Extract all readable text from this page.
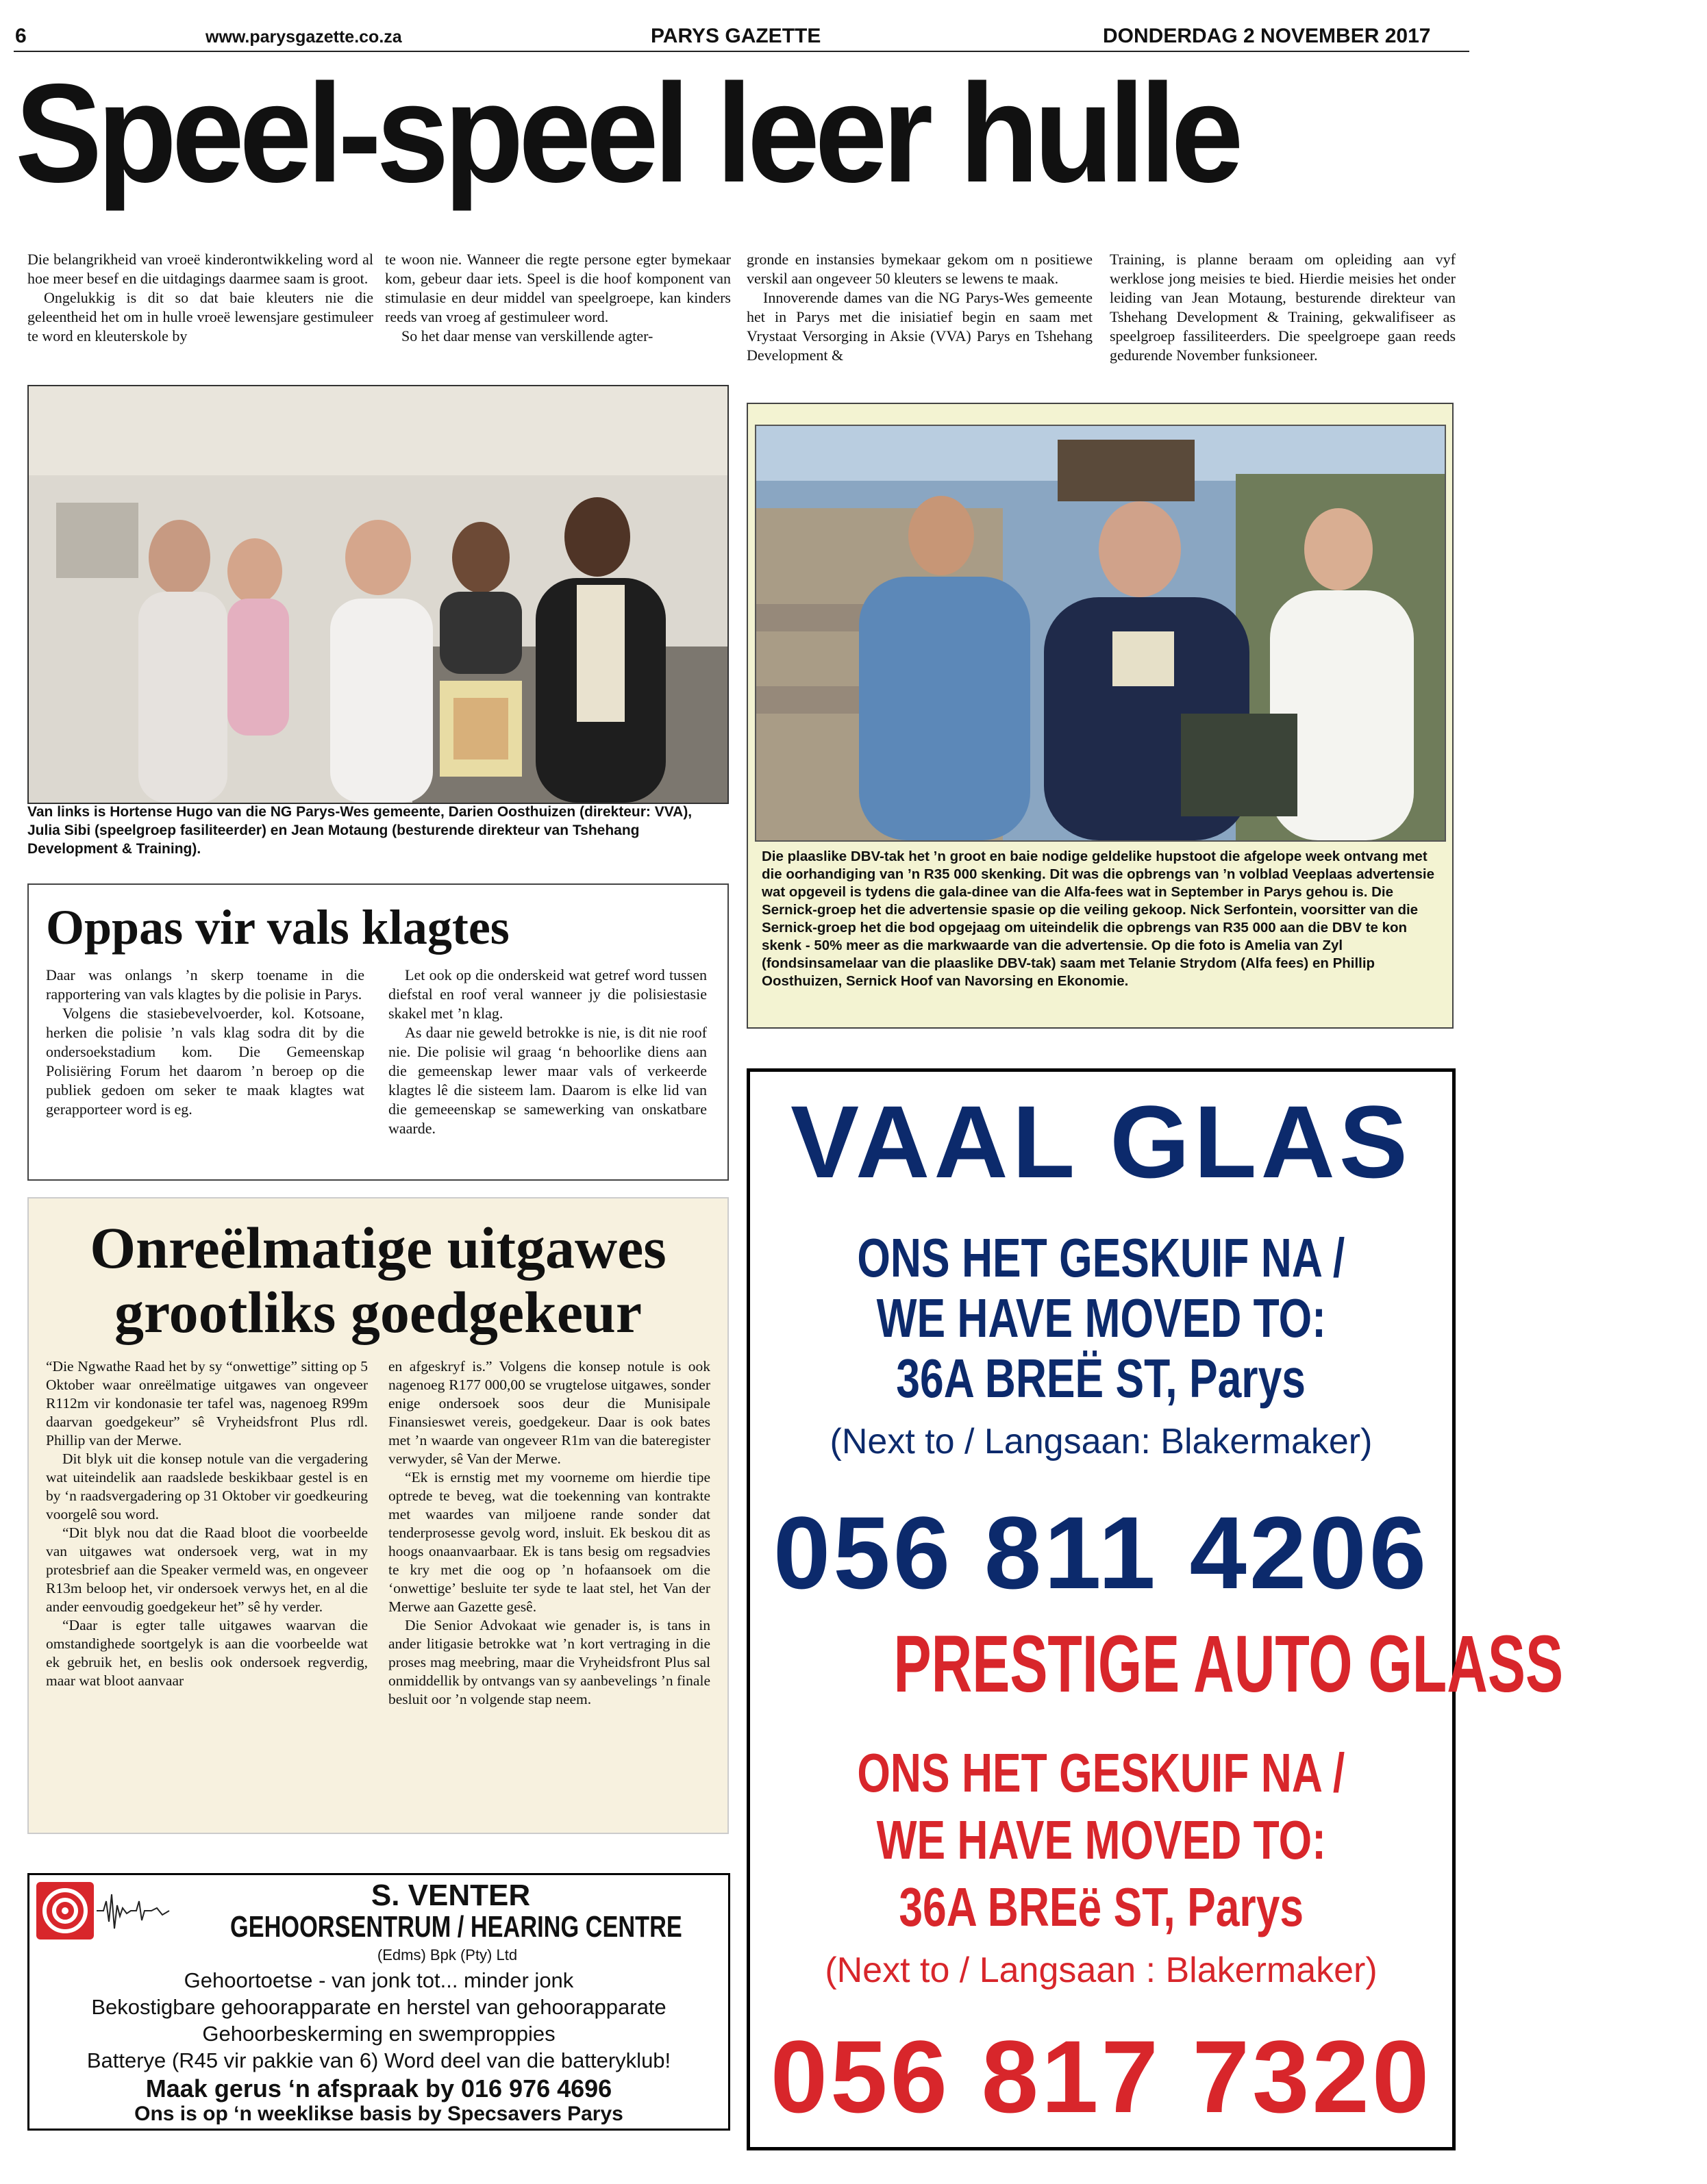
6	www.parysgazette.co.za	PARYS GAZETTE	DONDERDAG 2 NOVEMBER 2017
Speel-speel leer hulle

Die belangrikheid van vroeë kinderontwikkeling word al hoe meer besef en die uitdagings daarmee saam is groot.

Ongelukkig is dit so dat baie kleuters nie die geleentheid het om in hulle vroeë lewensjare gestimuleer te word en kleuterskole by

te woon nie. Wanneer die regte persone egter bymekaar kom, gebeur daar iets. Speel is die hoof komponent van stimulasie en deur middel van speelgroepe, kan kinders reeds van vroeg af gestimuleer word.

So het daar mense van verskillende agter-

gronde en instansies bymekaar gekom om n positiewe verskil aan ongeveer 50 kleuters se lewens te maak.

Innoverende dames van die NG Parys-Wes gemeente het in Parys met die inisiatief begin en saam met Vrystaat Versorging in Aksie (VVA) Parys en Tshehang Development &

Training, is planne beraam om opleiding aan vyf werklose jong meisies te bied. Hierdie meisies het onder leiding van Jean Motaung, besturende direkteur van Tshehang Development & Training, gekwalifiseer as speelgroep fassiliteerders. Die speelgroepe gaan reeds gedurende November funksioneer.

Van links is Hortense Hugo van die NG Parys-Wes gemeente, Darien Oosthuizen (direkteur: VVA), Julia Sibi (speelgroep fasiliteerder) en Jean Motaung (besturende direkteur van Tshehang Development & Training).	Die plaaslike DBV-tak het ’n groot en baie nodige geldelike hupstoot die afgelope week ontvang met die oorhandiging van ’n R35 000 skenking. Dit was die opbrengs van ’n volblad Veeplaas advertensie wat opgeveil is tydens die gala-dinee van die Alfa-fees wat in September in Parys gehou is. Die Sernick-groep het die advertensie spasie op die veiling gekoop. Nick Serfontein, voorsitter van die Sernick-groep het die bod opgejaag om uiteindelik die opbrengs van R35 000 aan die DBV te kon skenk - 50% meer as die markwaarde van die advertensie. Op die foto is Amelia van Zyl (fondsinsamelaar van die plaaslike DBV-tak) saam met Telanie Strydom (Alfa fees) en Phillip Oosthuizen, Sernick Hoof van Navorsing en Ekonomie.
Oppas vir vals klagtes

Daar was onlangs ’n skerp toename in die rapportering van vals klagtes by die polisie in Parys.

Volgens die stasiebevelvoerder, kol. Kotsoane, herken die polisie ’n vals klag sodra dit by die ondersoekstadium kom. Die Gemeenskap Polisiëring Forum het daarom ’n beroep op die publiek gedoen om seker te maak klagtes wat gerapporteer word is eg.

Let ook op die onderskeid wat getref word tussen diefstal en roof veral wanneer jy die polisiestasie skakel met ’n klag.

As daar nie geweld betrokke is nie, is dit nie roof nie. Die polisie wil graag ‘n behoorlike diens aan die gemeenskap lewer maar vals of verkeerde klagtes lê die sisteem lam. Daarom is elke lid van die gemeeenskap se samewerking van onskatbare waarde.

Onreëlmatige uitgawes
grootliks goedgekeur

“Die Ngwathe Raad het by sy “onwettige” sitting op 5 Oktober waar onreëlmatige uitgawes van ongeveer R112m vir kondonasie ter tafel was, nagenoeg R99m daarvan goedgekeur” sê Vryheidsfront Plus rdl. Phillip van der Merwe.

Dit blyk uit die konsep notule van die vergadering wat uiteindelik aan raadslede beskikbaar gestel is en by ‘n raadsvergadering op 31 Oktober vir goedkeuring voorgelê sou word.

“Dit blyk nou dat die Raad bloot die voorbeelde van uitgawes wat ondersoek verg, wat in my protesbrief aan die Speaker vermeld was, en ongeveer R13m beloop het, vir ondersoek verwys het, en al die ander eenvoudig goedgekeur het” sê hy verder.

“Daar is egter talle uitgawes waarvan die omstandighede soortgelyk is aan die voorbeelde wat ek gebruik het, en beslis ook ondersoek regverdig, maar wat bloot aanvaar

en afgeskryf is.” Volgens die konsep notule is ook nagenoeg R177 000,00 se vrugtelose uitgawes, sonder enige ondersoek soos deur die Munisipale Finansieswet vereis, goedgekeur. Daar is ook bates met ’n waarde van ongeveer R1m van die bateregister verwyder, sê Van der Merwe.

“Ek is ernstig met my voorneme om hierdie tipe optrede te beveg, wat die toekenning van kontrakte met waardes van miljoene rande sonder dat tenderprosesse gevolg word, insluit. Ek beskou dit as hoogs onaanvaarbaar. Ek is tans besig om regsadvies te kry met die oog op ’n hofaansoek om die ‘onwettige’ besluite ter syde te laat stel, het Van der Merwe aan Gazette gesê.

Die Senior Advokaat wie genader is, is tans in ander litigasie betrokke wat ’n kort vertraging in die proses mag meebring, maar die Vryheidsfront Plus sal onmiddellik by ontvangs van sy aanbevelings ’n finale besluit oor ’n volgende stap neem.

S. VENTER
GEHOORSENTRUM / HEARING CENTRE
(Edms) Bpk (Pty) Ltd
Gehoortoetse - van jonk tot... minder jonk
Bekostigbare gehoorapparate en herstel van gehoorapparate
Gehoorbeskerming en swemproppies
Batterye (R45 vir pakkie van 6) Word deel van die batteryklub!
Maak gerus ‘n afspraak by 016 976 4696
Ons is op ‘n weeklikse basis by Specsavers Parys
VAAL GLAS
ONS HET GESKUIF NA /
WE HAVE MOVED TO:
36A BREË ST, Parys
(Next to / Langsaan: Blakermaker)
056 811 4206
PRESTIGE AUTO GLASS
ONS HET GESKUIF NA /
WE HAVE MOVED TO:
36A BREë ST, Parys
(Next to / Langsaan : Blakermaker)
056 817 7320
